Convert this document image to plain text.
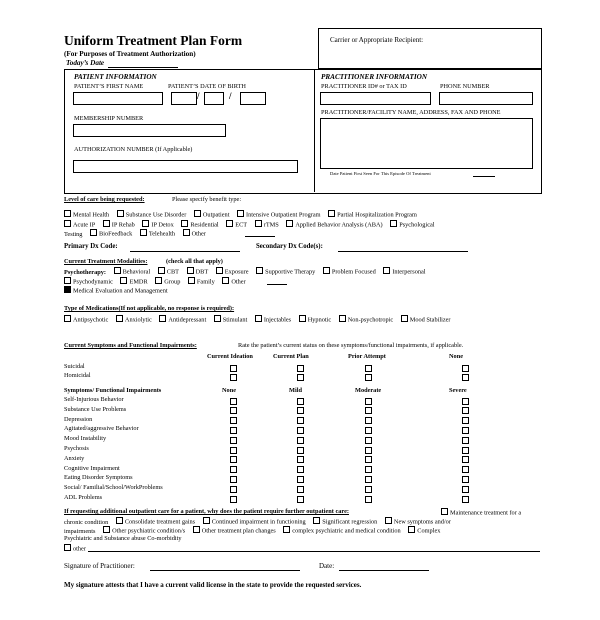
Uniform Treatment Plan Form
(For Purposes of Treatment Authorization)
Today’s Date
Carrier or Appropriate Recipient:
PATIENT INFORMATION
PATIENT’S FIRST NAME	PATIENT’S DATE OF BIRTH
/	/
MEMBERSHIP NUMBER
AUTHORIZATION NUMBER (If Applicable)
PRACTITIONER INFORMATION
PRACTITIONER ID# or TAX ID	PHONE NUMBER
PRACTITIONER/FACILITY NAME, ADDRESS, FAX AND PHONE
Date Patient First Seen For This Episode Of Treatment
Level of care being requested:	Please specify benefit type:
Mental Health	Substance Use Disorder	Outpatient	Intensive Outpatient Program	Partial Hospitalization Program
Acute IP	IP Rehab	IP Detox	Residential	ECT	rTMS	Applied Behavior Analysis (ABA)	Psychological
Testing	BioFeedback	Telehealth	Other
Primary Dx Code:	Secondary Dx Code(s):
Current Treatment Modalities:	(check all that apply)
Psychotherapy:	Behavioral	CBT	DBT	Exposure	Supportive Therapy	Problem Focused	Interpersonal
Psychodynamic	EMDR	Group	Family	Other
Medical Evaluation and Management
Type of Medications(If not applicable, no response is required):
Antipsychotic	Anxiolytic	Antidepressant	Stimulant	Injectables	Hypnotic	Non-psychotropic	Mood Stabilizer
Current Symptoms and Functional Impairments:	Rate the patient’s current status on these symptoms/functional impairments, if applicable.
Current Ideation	Current Plan	Prior Attempt	None
Suicidal
Homicidal
Symptoms/ Functional Impairments	None	Mild	Moderate	Severe
Self-Injurious Behavior
Substance Use Problems
Depression
Agitated/aggressive Behavior
Mood Instability
Psychosis
Anxiety
Cognitive Impairment
Eating Disorder Symptoms
Social/ Familial/School/WorkProblems
ADL Problems
If requesting additional outpatient care for a patient, why does the patient require further outpatient care:	Maintenance treatment for a
chronic condition	Consolidate treatment gains	Continued impairment in functioning	Significant regression	New symptoms and/or
impairments	Other psychiatric condition/s	Other treatment plan changes	complex psychiatric and medical condition	Complex
Psychiatric and Substance abuse Co-morbidity
other
Signature of Practitioner:	Date:
My signature attests that I have a current valid license in the state to provide the requested services.
